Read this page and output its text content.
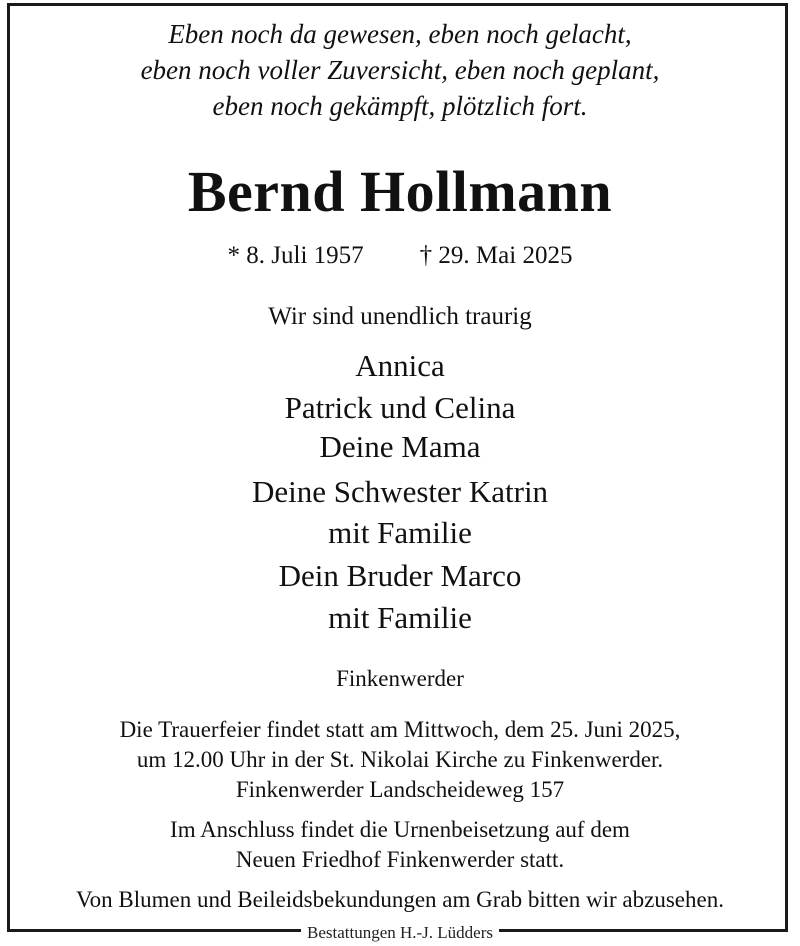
Eben noch da gewesen, eben noch gelacht,
eben noch voller Zuversicht, eben noch geplant,
eben noch gekämpft, plötzlich fort.
Bernd Hollmann
* 8. Juli 1957 † 29. Mai 2025
Wir sind unendlich traurig
Annica
Patrick und Celina
Deine Mama
Deine Schwester Katrin
mit Familie
Dein Bruder Marco
mit Familie
Finkenwerder
Die Trauerfeier findet statt am Mittwoch, dem 25. Juni 2025,
um 12.00 Uhr in der St. Nikolai Kirche zu Finkenwerder.
Finkenwerder Landscheideweg 157
Im Anschluss findet die Urnenbeisetzung auf dem
Neuen Friedhof Finkenwerder statt.
Von Blumen und Beileidsbekundungen am Grab bitten wir abzusehen.
Bestattungen H.-J. Lüdders
